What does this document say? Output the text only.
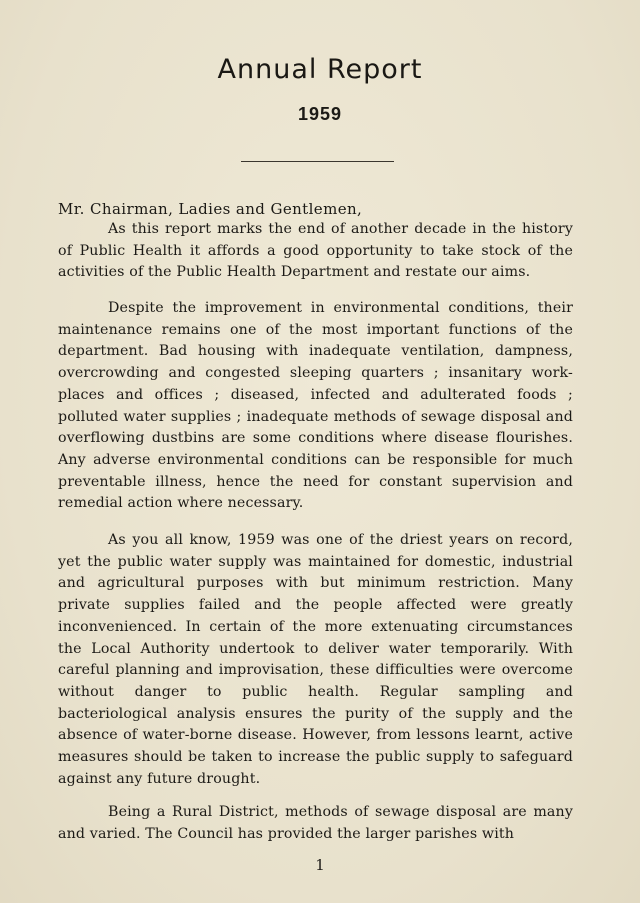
Annual Report
1959
Mr. Chairman, Ladies and Gentlemen,

As this report marks the end of another decade in the history of Public Health it affords a good opportunity to take stock of the activities of the Public Health Department and restate our aims.

Despite the improvement in environmental conditions, their maintenance remains one of the most important functions of the department. Bad housing with inadequate ventilation, dampness, overcrowding and congested sleeping quarters ; insanitary work-places and offices ; diseased, infected and adulterated foods ; polluted water supplies ; inadequate methods of sewage disposal and overflowing dustbins are some conditions where disease flourishes. Any adverse environmental conditions can be responsible for much preventable illness, hence the need for constant supervision and remedial action where necessary.

As you all know, 1959 was one of the driest years on record, yet the public water supply was maintained for domestic, industrial and agricultural purposes with but minimum restriction. Many private supplies failed and the people affected were greatly inconvenienced. In certain of the more extenuating circumstances the Local Authority undertook to deliver water temporarily. With careful planning and improvisation, these difficulties were overcome without danger to public health. Regular sampling and bacteriological analysis ensures the purity of the supply and the absence of water-borne disease. However, from lessons learnt, active measures should be taken to increase the public supply to safeguard against any future drought.

Being a Rural District, methods of sewage disposal are many and varied. The Council has provided the larger parishes with

1
